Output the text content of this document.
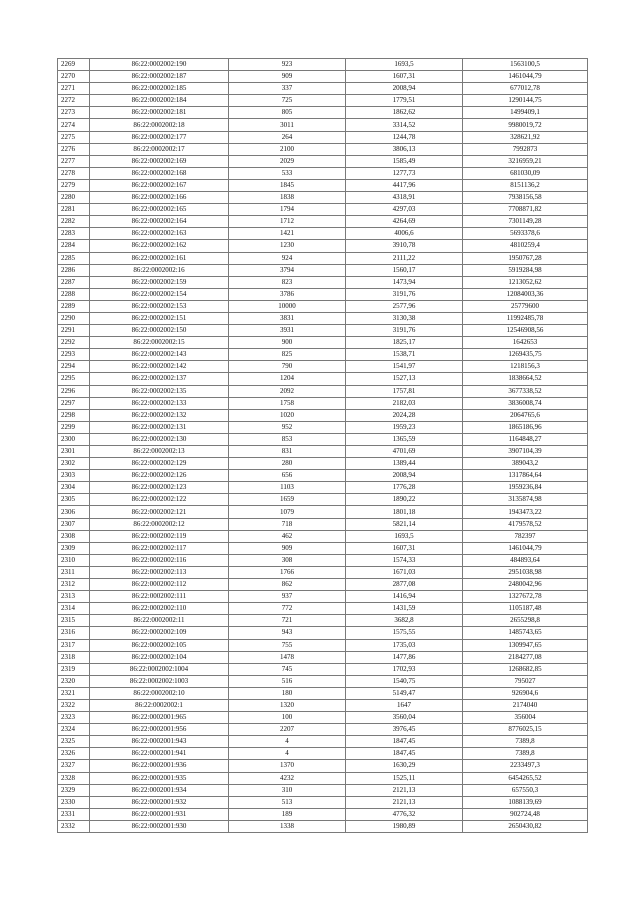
2269	86:22:0002002:190	923	1693,5	1563100,5
2270	86:22:0002002:187	909	1607,31	1461044,79
2271	86:22:0002002:185	337	2008,94	677012,78
2272	86:22:0002002:184	725	1779,51	1290144,75
2273	86:22:0002002:181	805	1862,62	1499409,1
2274	86:22:0002002:18	3011	3314,52	9980019,72
2275	86:22:0002002:177	264	1244,78	328621,92
2276	86:22:0002002:17	2100	3806,13	7992873
2277	86:22:0002002:169	2029	1585,49	3216959,21
2278	86:22:0002002:168	533	1277,73	681030,09
2279	86:22:0002002:167	1845	4417,96	8151136,2
2280	86:22:0002002:166	1838	4318,91	7938156,58
2281	86:22:0002002:165	1794	4297,03	7708871,82
2282	86:22:0002002:164	1712	4264,69	7301149,28
2283	86:22:0002002:163	1421	4006,6	5693378,6
2284	86:22:0002002:162	1230	3910,78	4810259,4
2285	86:22:0002002:161	924	2111,22	1950767,28
2286	86:22:0002002:16	3794	1560,17	5919284,98
2287	86:22:0002002:159	823	1473,94	1213052,62
2288	86:22:0002002:154	3786	3191,76	12084003,36
2289	86:22:0002002:153	10000	2577,96	25779600
2290	86:22:0002002:151	3831	3130,38	11992485,78
2291	86:22:0002002:150	3931	3191,76	12546908,56
2292	86:22:0002002:15	900	1825,17	1642653
2293	86:22:0002002:143	825	1538,71	1269435,75
2294	86:22:0002002:142	790	1541,97	1218156,3
2295	86:22:0002002:137	1204	1527,13	1838664,52
2296	86:22:0002002:135	2092	1757,81	3677338,52
2297	86:22:0002002:133	1758	2182,03	3836008,74
2298	86:22:0002002:132	1020	2024,28	2064765,6
2299	86:22:0002002:131	952	1959,23	1865186,96
2300	86:22:0002002:130	853	1365,59	1164848,27
2301	86:22:0002002:13	831	4701,69	3907104,39
2302	86:22:0002002:129	280	1389,44	389043,2
2303	86:22:0002002:126	656	2008,94	1317864,64
2304	86:22:0002002:123	1103	1776,28	1959236,84
2305	86:22:0002002:122	1659	1890,22	3135874,98
2306	86:22:0002002:121	1079	1801,18	1943473,22
2307	86:22:0002002:12	718	5821,14	4179578,52
2308	86:22:0002002:119	462	1693,5	782397
2309	86:22:0002002:117	909	1607,31	1461044,79
2310	86:22:0002002:116	308	1574,33	484893,64
2311	86:22:0002002:113	1766	1671,03	2951038,98
2312	86:22:0002002:112	862	2877,08	2480042,96
2313	86:22:0002002:111	937	1416,94	1327672,78
2314	86:22:0002002:110	772	1431,59	1105187,48
2315	86:22:0002002:11	721	3682,8	2655298,8
2316	86:22:0002002:109	943	1575,55	1485743,65
2317	86:22:0002002:105	755	1735,03	1309947,65
2318	86:22:0002002:104	1478	1477,86	2184277,08
2319	86:22:0002002:1004	745	1702,93	1268682,85
2320	86:22:0002002:1003	516	1540,75	795027
2321	86:22:0002002:10	180	5149,47	926904,6
2322	86:22:0002002:1	1320	1647	2174040
2323	86:22:0002001:965	100	3560,04	356004
2324	86:22:0002001:956	2207	3976,45	8776025,15
2325	86:22:0002001:943	4	1847,45	7389,8
2326	86:22:0002001:941	4	1847,45	7389,8
2327	86:22:0002001:936	1370	1630,29	2233497,3
2328	86:22:0002001:935	4232	1525,11	6454265,52
2329	86:22:0002001:934	310	2121,13	657550,3
2330	86:22:0002001:932	513	2121,13	1088139,69
2331	86:22:0002001:931	189	4776,32	902724,48
2332	86:22:0002001:930	1338	1980,89	2650430,82
